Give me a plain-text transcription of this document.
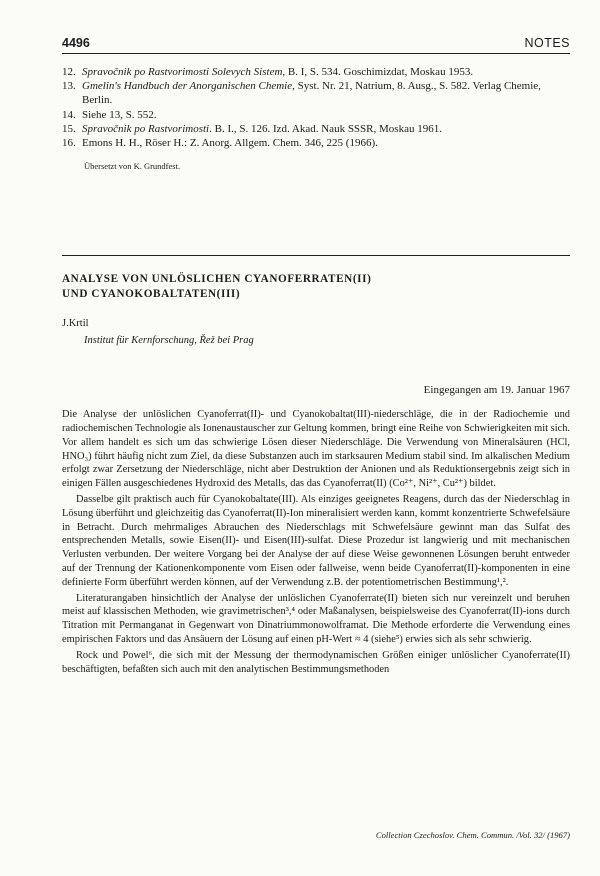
4496	NOTES
12. Spravočnik po Rastvorimosti Solevych Sistem, B. I, S. 534. Goschimizdat, Moskau 1953.
13. Gmelin's Handbuch der Anorganischen Chemie, Syst. Nr. 21, Natrium, 8. Ausg., S. 582. Verlag Chemie, Berlin.
14. Siehe 13, S. 552.
15. Spravočnik po Rastvorimosti. B. I., S. 126. Izd. Akad. Nauk SSSR, Moskau 1961.
16. Emons H. H., Röser H.: Z. Anorg. Allgem. Chem. 346, 225 (1966).
Übersetzt von K. Grundfest.
ANALYSE VON UNLÖSLICHEN CYANOFERRATEN(II)
UND CYANOKOBALTATEN(III)
J.Krtil
Institut für Kernforschung, Řež bei Prag
Eingegangen am 19. Januar 1967

Die Analyse der unlöslichen Cyanoferrat(II)- und Cyanokobaltat(III)-niederschläge, die in der Radiochemie und radiochemischen Technologie als Ionenaustauscher zur Geltung kommen, bringt eine Reihe von Schwierigkeiten mit sich. Vor allem handelt es sich um das schwierige Lösen dieser Niederschläge. Die Verwendung von Mineralsäuren (HCl, HNO₃) führt häufig nicht zum Ziel, da diese Substanzen auch im starksauren Medium stabil sind. Im alkalischen Medium erfolgt zwar Zersetzung der Niederschläge, nicht aber Destruktion der Anionen und als Reduktionsergebnis zeigt sich in einigen Fällen ausgeschiedenes Hydroxid des Metalls, das das Cyanoferrat(II) (Co²⁺, Ni²⁺, Cu²⁺) bildet.

Dasselbe gilt praktisch auch für Cyanokobaltate(III). Als einziges geeignetes Reagens, durch das der Niederschlag in Lösung überführt und gleichzeitig das Cyanoferrat(II)-Ion mineralisiert werden kann, kommt konzentrierte Schwefelsäure in Betracht. Durch mehrmaliges Abrauchen des Niederschlags mit Schwefelsäure gewinnt man das Sulfat des entsprechenden Metalls, sowie Eisen(II)- und Eisen(III)-sulfat. Diese Prozedur ist langwierig und mit mechanischen Verlusten verbunden. Der weitere Vorgang bei der Analyse der auf diese Weise gewonnenen Lösungen beruht entweder auf der Trennung der Kationenkomponente vom Eisen oder fallweise, wenn beide Cyanoferrat(II)-komponenten in eine definierte Form überführt werden können, auf der Verwendung z.B. der potentiometrischen Bestimmung¹,².

Literaturangaben hinsichtlich der Analyse der unlöslichen Cyanoferrate(II) bieten sich nur vereinzelt und beruhen meist auf klassischen Methoden, wie gravimetrischen³,⁴ oder Maßanalysen, beispielsweise des Cyanoferrat(II)-ions durch Titration mit Permanganat in Gegenwart von Dinatriummonowolframat. Die Methode erforderte die Verwendung eines empirischen Faktors und das Ansäuern der Lösung auf einen pH-Wert ≈ 4 (siehe⁵) erwies sich als sehr schwierig.

Rock und Powel⁶, die sich mit der Messung der thermodynamischen Größen einiger unlöslicher Cyanoferrate(II) beschäftigten, befaßten sich auch mit den analytischen Bestimmungsmethoden

Collection Czechoslov. Chem. Commun. /Vol. 32/ (1967)
